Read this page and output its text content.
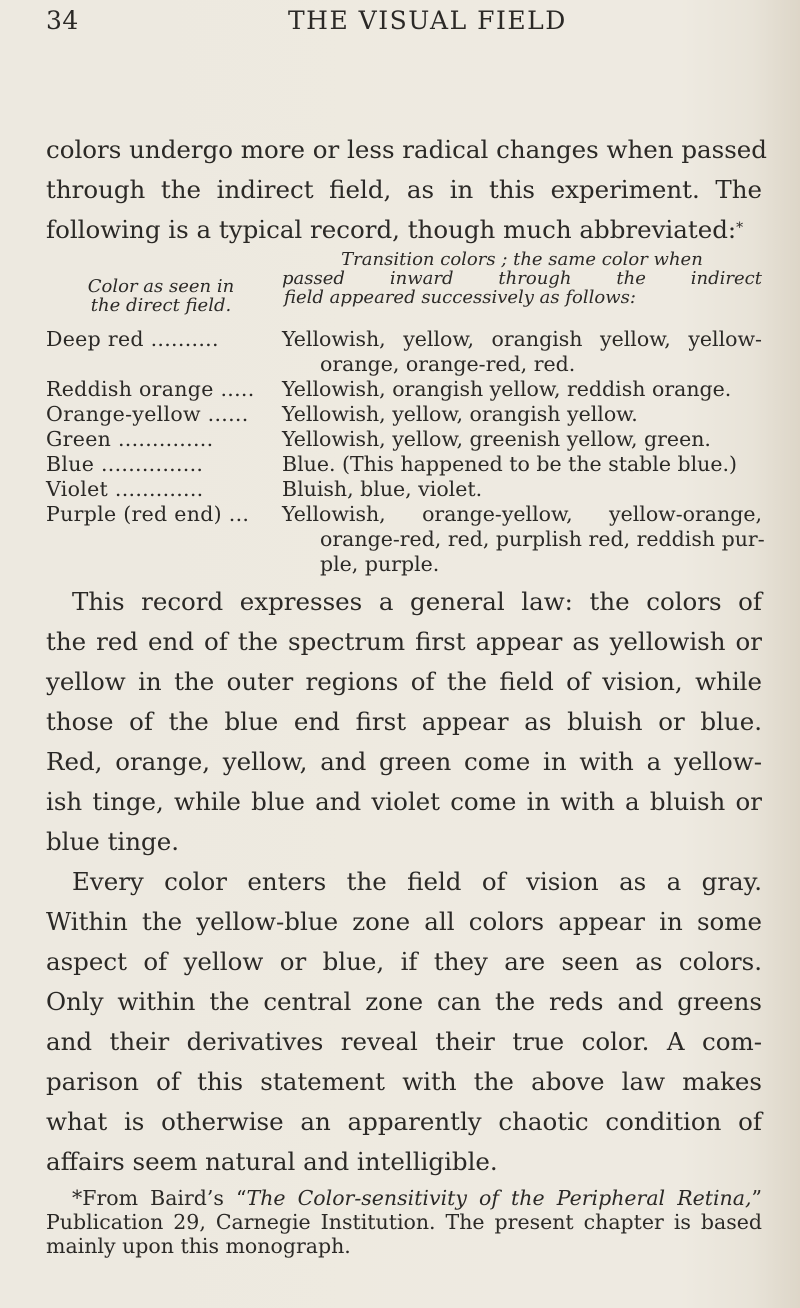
34	THE VISUAL FIELD

colors undergo more or less radical changes when passed
through the indirect field, as in this experiment. The
following is a typical record, though much abbreviated:*

Color as seen in
the direct field.
Transition colors ; the same color when
passed inward through the indirect
field appeared successively as follows:
Deep red ..........	Yellowish, yellow, orangish yellow, yellow-
orange, orange-red, red.
Reddish orange ..... Yellowish, orangish yellow, reddish orange.
Orange-yellow ...... Yellowish, yellow, orangish yellow.
Green ..............	Yellowish, yellow, greenish yellow, green.
Blue ...............	Blue. (This happened to be the stable blue.)
Violet .............	Bluish, blue, violet.
Purple (red end) ... Yellowish, orange-yellow, yellow-orange,
orange-red, red, purplish red, reddish pur-
ple, purple.

This record expresses a general law: the colors of
the red end of the spectrum first appear as yellowish or
yellow in the outer regions of the field of vision, while
those of the blue end first appear as bluish or blue.
Red, orange, yellow, and green come in with a yellow-
ish tinge, while blue and violet come in with a bluish or
blue tinge.

Every color enters the field of vision as a gray.
Within the yellow-blue zone all colors appear in some
aspect of yellow or blue, if they are seen as colors.
Only within the central zone can the reds and greens
and their derivatives reveal their true color. A com-
parison of this statement with the above law makes
what is otherwise an apparently chaotic condition of
affairs seem natural and intelligible.

*From Baird’s “The Color-sensitivity of the Peripheral Retina,”
Publication 29, Carnegie Institution. The present chapter is based
mainly upon this monograph.
